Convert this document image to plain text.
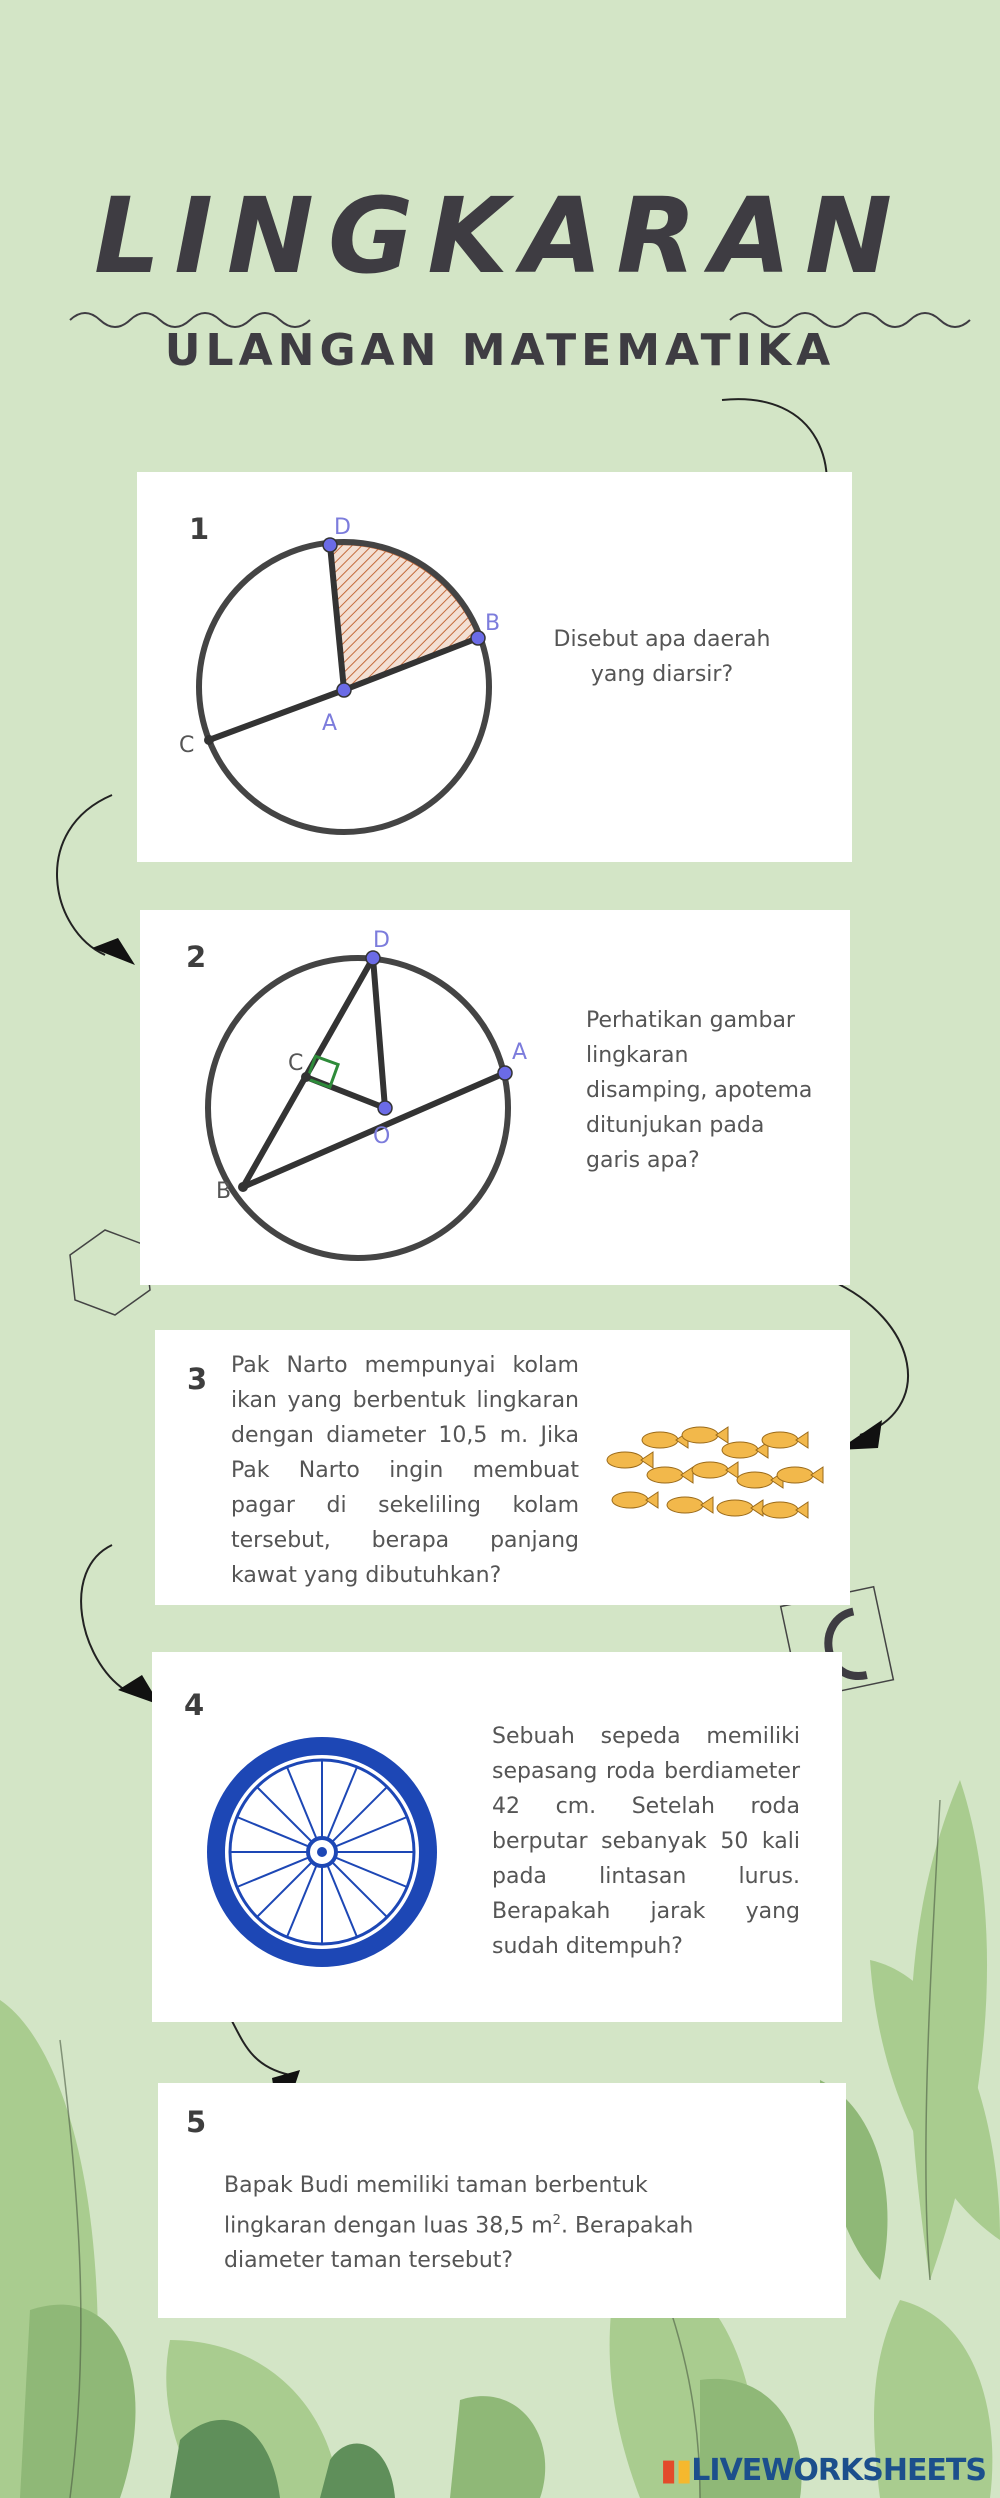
LINGKARAN
ULANGAN MATEMATIKA
1	D
B
A
C
Disebut apa daerah yang diarsir?
2	D
A
C
O
B
Perhatikan gambar lingkaran disamping, apotema ditunjukan pada garis apa?
3 Pak Narto mempunyai kolam ikan yang berbentuk lingkaran dengan diameter 10,5 m. Jika Pak Narto ingin membuat pagar di sekeliling kolam tersebut, berapa panjang kawat yang dibutuhkan?
4
Sebuah sepeda memiliki sepasang roda berdiameter 42 cm. Setelah roda berputar sebanyak 50 kali pada lintasan lurus. Berapakah jarak yang sudah ditempuh?
5
Bapak Budi memiliki taman berbentuk lingkaran dengan luas 38,5 $m^2$. Berapakah diameter taman tersebut?
▮▮LIVEWORKSHEETS
